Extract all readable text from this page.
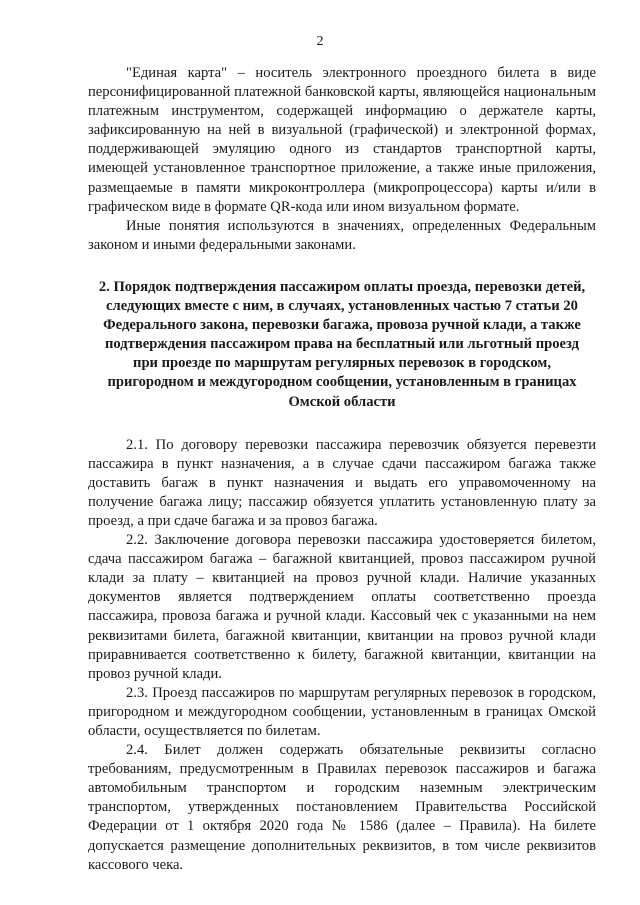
2

"Единая карта" – носитель электронного проездного билета в виде персонифицированной платежной банковской карты, являющейся национальным платежным инструментом, содержащей информацию о держателе карты, зафиксированную на ней в визуальной (графической) и электронной формах, поддерживающей эмуляцию одного из стандартов транспортной карты, имеющей установленное транспортное приложение, а также иные приложения, размещаемые в памяти микроконтроллера (микропроцессора) карты и/или в графическом виде в формате QR-кода или ином визуальном формате.

Иные понятия используются в значениях, определенных Федеральным законом и иными федеральными законами.

2. Порядок подтверждения пассажиром оплаты проезда, перевозки детей, следующих вместе с ним, в случаях, установленных частью 7 статьи 20 Федерального закона, перевозки багажа, провоза ручной клади, а также подтверждения пассажиром права на бесплатный или льготный проезд при проезде по маршрутам регулярных перевозок в городском, пригородном и междугородном сообщении, установленным в границах Омской области

2.1. По договору перевозки пассажира перевозчик обязуется перевезти пассажира в пункт назначения, а в случае сдачи пассажиром багажа также доставить багаж в пункт назначения и выдать его управомоченному на получение багажа лицу; пассажир обязуется уплатить установленную плату за проезд, а при сдаче багажа и за провоз багажа.

2.2. Заключение договора перевозки пассажира удостоверяется билетом, сдача пассажиром багажа – багажной квитанцией, провоз пассажиром ручной клади за плату – квитанцией на провоз ручной клади. Наличие указанных документов является подтверждением оплаты соответственно проезда пассажира, провоза багажа и ручной клади. Кассовый чек с указанными на нем реквизитами билета, багажной квитанции, квитанции на провоз ручной клади приравнивается соответственно к билету, багажной квитанции, квитанции на провоз ручной клади.

2.3. Проезд пассажиров по маршрутам регулярных перевозок в городском, пригородном и междугородном сообщении, установленным в границах Омской области, осуществляется по билетам.

2.4. Билет должен содержать обязательные реквизиты согласно требованиям, предусмотренным в Правилах перевозок пассажиров и багажа автомобильным транспортом и городским наземным электрическим транспортом, утвержденных постановлением Правительства Российской Федерации от 1 октября 2020 года № 1586 (далее – Правила). На билете допускается размещение дополнительных реквизитов, в том числе реквизитов кассового чека.
